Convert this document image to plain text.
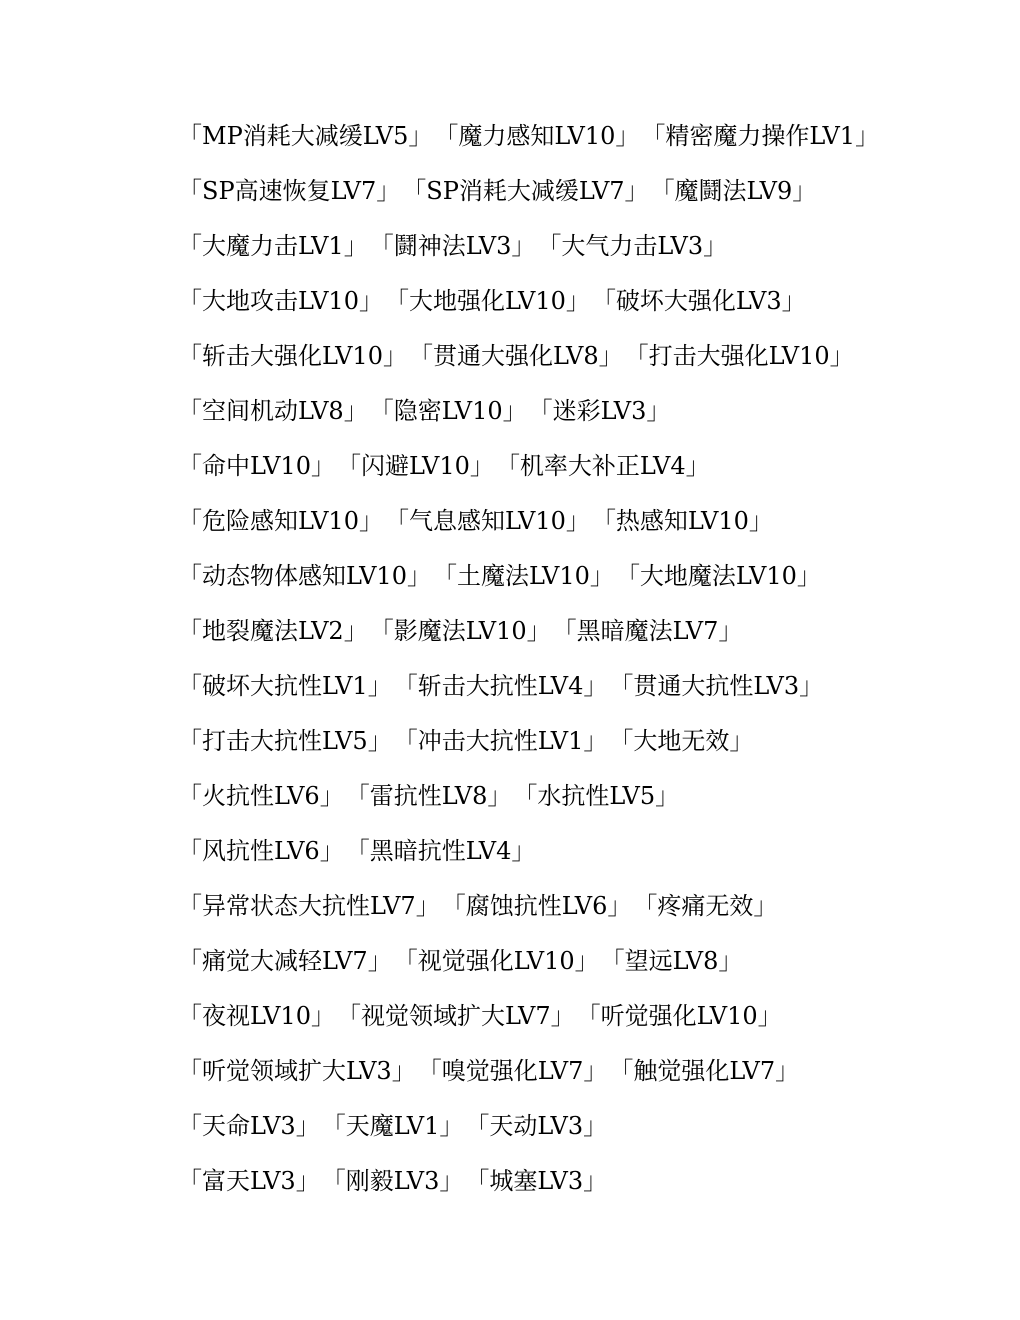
「MP消耗大减缓LV5」「魔力感知LV10」「精密魔力操作LV1」
「SP高速恢复LV7」「SP消耗大减缓LV7」「魔鬪法LV9」
「大魔力击LV1」「鬪神法LV3」「大气力击LV3」
「大地攻击LV10」「大地强化LV10」「破坏大强化LV3」
「斩击大强化LV10」「贯通大强化LV8」「打击大强化LV10」
「空间机动LV8」「隐密LV10」「迷彩LV3」
「命中LV10」「闪避LV10」「机率大补正LV4」
「危险感知LV10」「气息感知LV10」「热感知LV10」
「动态物体感知LV10」「土魔法LV10」「大地魔法LV10」
「地裂魔法LV2」「影魔法LV10」「黑暗魔法LV7」
「破坏大抗性LV1」「斩击大抗性LV4」「贯通大抗性LV3」
「打击大抗性LV5」「冲击大抗性LV1」「大地无效」
「火抗性LV6」「雷抗性LV8」「水抗性LV5」
「风抗性LV6」「黑暗抗性LV4」
「异常状态大抗性LV7」「腐蚀抗性LV6」「疼痛无效」
「痛觉大减轻LV7」「视觉强化LV10」「望远LV8」
「夜视LV10」「视觉领域扩大LV7」「听觉强化LV10」
「听觉领域扩大LV3」「嗅觉强化LV7」「触觉强化LV7」
「天命LV3」「天魔LV1」「天动LV3」
「富天LV3」「刚毅LV3」「城塞LV3」
